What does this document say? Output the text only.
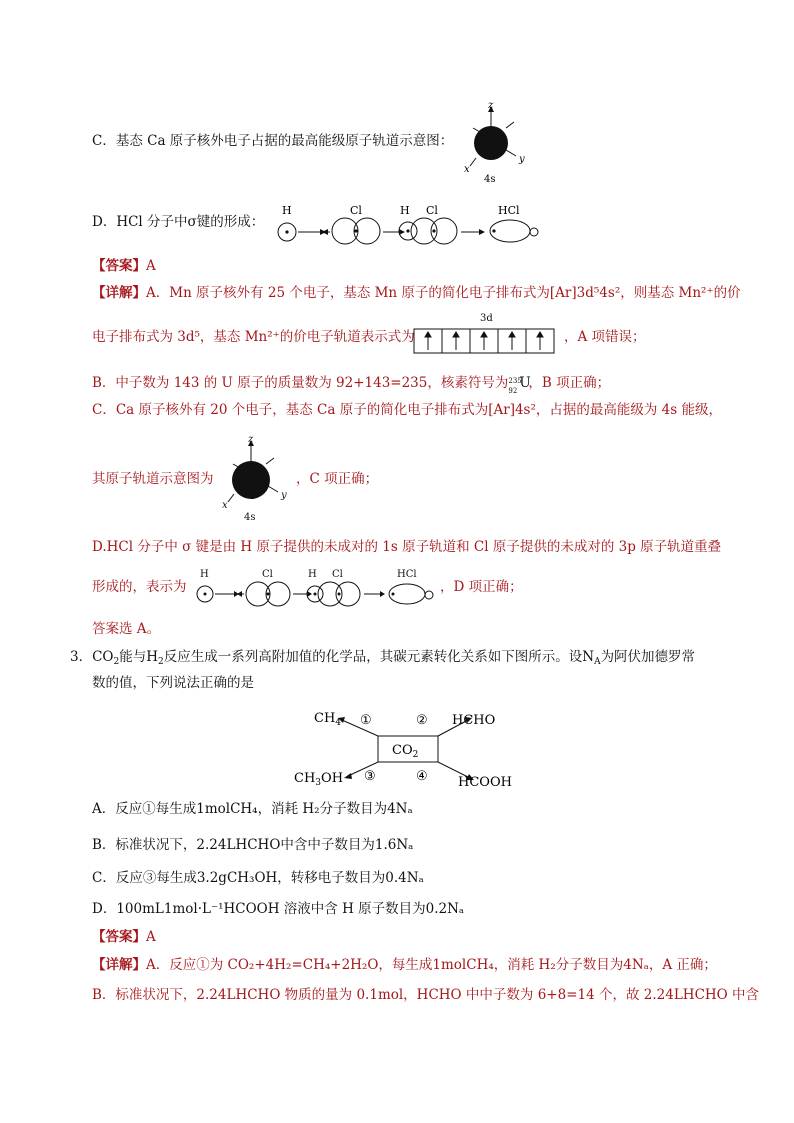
C．基态 Ca 原子核外电子占据的最高能级原子轨道示意图：
z
x
y
4s
D．HCl 分子中σ键的形成：
H	Cl	H Cl	HCl
【答案】A
【详解】A．Mn 原子核外有 25 个电子，基态 Mn 原子的简化电子排布式为[Ar]3d⁵4s²，则基态 Mn²⁺的价
电子排布式为 3d⁵，基态 Mn²⁺的价电子轨道表示式为
3d
，A 项错误；
B．中子数为 143 的 U 原子的质量数为 92+143=235，核素符号为 235
92 U
，B 项正确；
C．Ca 原子核外有 20 个电子，基态 Ca 原子的简化电子排布式为[Ar]4s²，占据的最高能级为 4s 能级，
其原子轨道示意图为
z
x
y
4s
，C 项正确；
D.HCl 分子中 σ 键是由 H 原子提供的未成对的 1s 原子轨道和 Cl 原子提供的未成对的 3p 原子轨道重叠
形成的，表示为
H	Cl	H Cl	HCl
，D 项正确；
答案选 A。
3．$CO_2$能与$H_2$反应生成一系列高附加值的化学品，其碳元素转化关系如下图所示。设$N_A$为阿伏加德罗常
数的值，下列说法正确的是
$CO_2$
$CH_4$ ①	② HCHO
$CH_3OH$ ③	④ HCOOH
A．反应①每生成1molCH₄，消耗 H₂分子数目为4Nₐ
B．标准状况下，2.24LHCHO中含中子数目为1.6Nₐ
C．反应③每生成3.2gCH₃OH，转移电子数目为0.4Nₐ
D．100mL1mol·L⁻¹HCOOH 溶液中含 H 原子数目为0.2Nₐ
【答案】A
【详解】A．反应①为 CO₂+4H₂=CH₄+2H₂O，每生成1molCH₄，消耗 H₂分子数目为4Nₐ，A 正确；
B．标准状况下，2.24LHCHO 物质的量为 0.1mol，HCHO 中中子数为 6+8=14 个，故 2.24LHCHO 中含
